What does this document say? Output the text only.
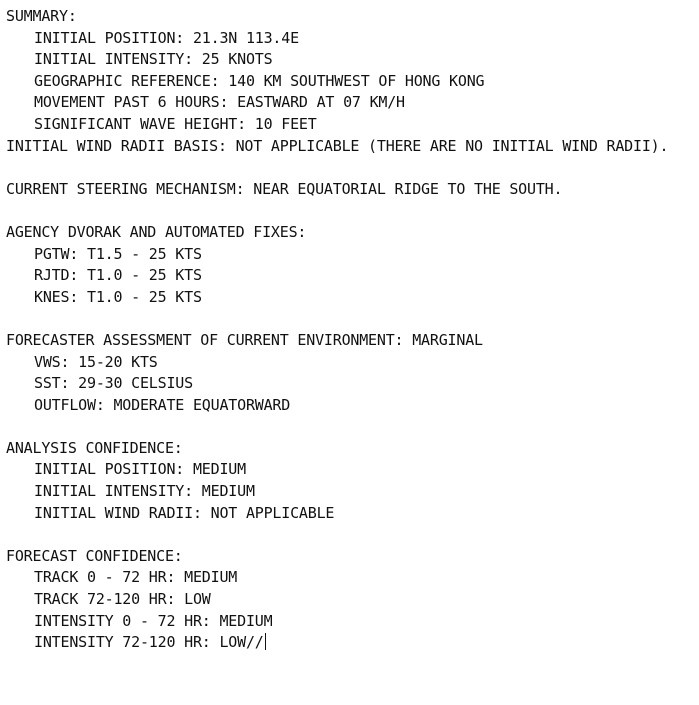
SUMMARY:
INITIAL POSITION: 21.3N 113.4E
INITIAL INTENSITY: 25 KNOTS
GEOGRAPHIC REFERENCE: 140 KM SOUTHWEST OF HONG KONG
MOVEMENT PAST 6 HOURS: EASTWARD AT 07 KM/H
SIGNIFICANT WAVE HEIGHT: 10 FEET
INITIAL WIND RADII BASIS: NOT APPLICABLE (THERE ARE NO INITIAL WIND RADII).
CURRENT STEERING MECHANISM: NEAR EQUATORIAL RIDGE TO THE SOUTH.
AGENCY DVORAK AND AUTOMATED FIXES:
PGTW: T1.5 - 25 KTS
RJTD: T1.0 - 25 KTS
KNES: T1.0 - 25 KTS
FORECASTER ASSESSMENT OF CURRENT ENVIRONMENT: MARGINAL
VWS: 15-20 KTS
SST: 29-30 CELSIUS
OUTFLOW: MODERATE EQUATORWARD
ANALYSIS CONFIDENCE:
INITIAL POSITION: MEDIUM
INITIAL INTENSITY: MEDIUM
INITIAL WIND RADII: NOT APPLICABLE
FORECAST CONFIDENCE:
TRACK 0 - 72 HR: MEDIUM
TRACK 72-120 HR: LOW
INTENSITY 0 - 72 HR: MEDIUM
INTENSITY 72-120 HR: LOW//
